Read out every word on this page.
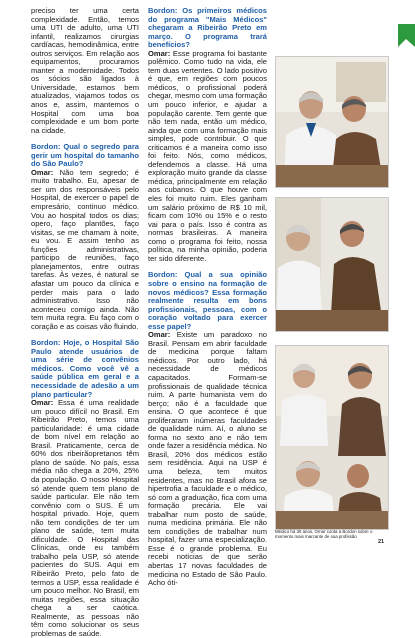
preciso ter uma certa complexidade. Então, temos uma UTI de adulto, uma UTI infantil, realizamos cirurgias cardíacas, hemodinâmica, entre outros serviços. Em relação aos equipamentos, procuramos manter a modernidade. Todos os sócios são ligados à Universidade, estamos bem atualizados, viajamos todos os anos e, assim, mantemos o Hospital com uma boa complexidade e um bom porte na cidade.

Bordon: Qual o segredo para gerir um hospital do tamanho do São Paulo?

Omar: Não tem segredo; é muito trabalho. Eu, apesar de ser um dos responsáveis pelo Hospital, de exercer o papel de empresário, continuo médico. Vou ao hospital todos os dias; opero, faço plantões, faço visitas, se me chamam à noite, eu vou. E assim tenho as funções administrativas, participo de reuniões, faço planejamentos, entre outras tarefas. Às vezes, é natural se afastar um pouco da clínica e perder mais para o lado administrativo. Isso não aconteceu comigo ainda. Não tem muita regra. Eu faço com o coração e as coisas vão fluindo.

Bordon: Hoje, o Hospital São Paulo atende usuários de uma série de convênios médicos. Como você vê a saúde pública em geral e a necessidade de adesão a um plano particular?

Omar: Essa é uma realidade um pouco difícil no Brasil. Em Ribeirão Preto, temos uma particularidade: é uma cidade de bom nível em relação ao Brasil. Praticamente, cerca de 60% dos ribeirãopretanos têm plano de saúde. No país, essa média não chega a 20%, 25% da população. O nosso Hospital só atende quem tem plano de saúde particular. Ele não tem convênio com o SUS. É um hospital privado. Hoje, quem não tem condições de ter um plano de saúde, tem muita dificuldade. O Hospital das Clínicas, onde eu também trabalho pela USP, só atende pacientes do SUS. Aqui em Ribeirão Preto, pelo fato de termos a USP, essa realidade é um pouco melhor. No Brasil, em muitas regiões, essa situação chega a ser caótica. Realmente, as pessoas não têm como solucionar os seus problemas de saúde.

Bordon: Os primeiros médicos do programa "Mais Médicos" chegaram a Ribeirão Preto em março. O programa trará benefícios?

Omar: Esse programa foi bastante polêmico. Como tudo na vida, ele tem duas vertentes. O lado positivo é que, em regiões com poucos médicos, o profissional poderá chegar, mesmo com uma formação um pouco inferior, e ajudar a população carente. Tem gente que não tem nada, então um médico, ainda que com uma formação mais simples, pode contribuir. O que criticamos é a maneira como isso foi feito. Nós, como médicos, defendemos a classe. Há uma exploração muito grande da classe médica, principalmente em relação aos cubanos. O que houve com eles foi muito ruim. Eles ganham um salário próximo de R$ 10 mil, ficam com 10% ou 15% e o resto vai para o país. Isso é contra as normas brasileiras. A maneira como o programa foi feito, nossa política, na minha opinião, poderia ter sido diferente.

Bordon: Qual a sua opinião sobre o ensino na formação de novos médicos? Essa formação realmente resulta em bons profissionais, pessoas, com o coração voltado para exercer esse papel?

Omar: Existe um paradoxo no Brasil. Pensam em abrir faculdade de medicina porque faltam médicos. Por outro lado, há necessidade de médicos capacitados. Formam-se profissionais de qualidade técnica ruim. A parte humanista vem do berço; não é a faculdade que ensina. O que acontece é que proliferaram inúmeras faculdades de qualidade ruim. Aí, o aluno se forma no sexto ano e não tem onde fazer a residência médica. No Brasil, 20% dos médicos estão sem residência. Aqui na USP é uma beleza, tem muitos residentes, mas no Brasil afora se hipertrofia a faculdade e o médico, só com a graduação, fica com uma formação precária. Ele vai trabalhar num posto de saúde, numa medicina primária. Ele não tem condições de trabalhar num hospital, fazer uma especialização. Esse é o grande problema. Eu recebi notícias de que serão abertas 17 novas faculdades de medicina no Estado de São Paulo. Acho óti-

Médico há 30 anos, Omar conta a Bordon sobre o momento mais marcante de sua profissão
21
